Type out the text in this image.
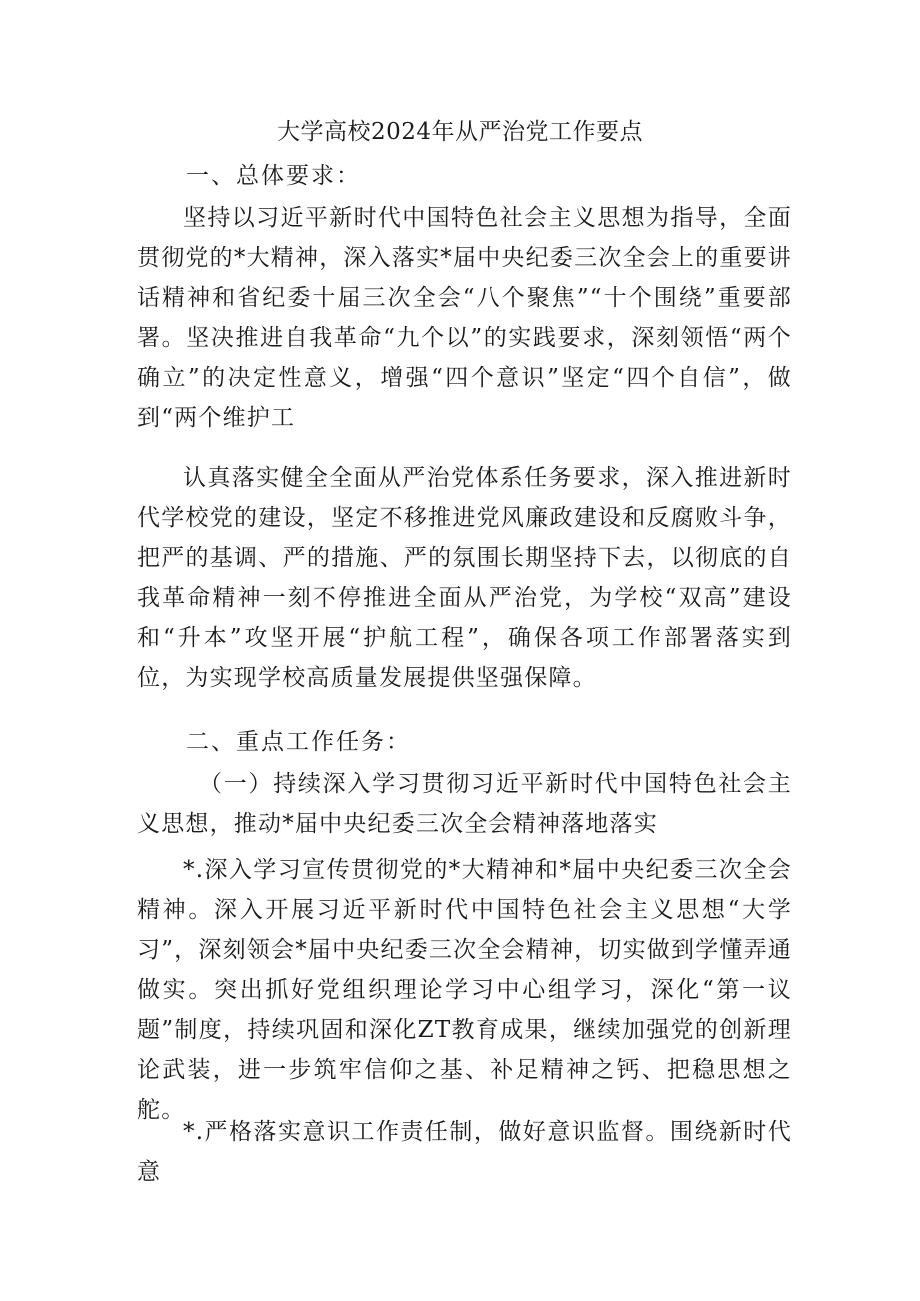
大学高校2024年从严治党工作要点
一、总体要求：

坚持以习近平新时代中国特色社会主义思想为指导，全面贯彻党的*大精神，深入落实*届中央纪委三次全会上的重要讲话精神和省纪委十届三次全会“八个聚焦”“十个围绕”重要部署。坚决推进自我革命“九个以”的实践要求，深刻领悟“两个确立”的决定性意义，增强“四个意识”坚定“四个自信”，做到“两个维护工

认真落实健全全面从严治党体系任务要求，深入推进新时代学校党的建设，坚定不移推进党风廉政建设和反腐败斗争，把严的基调、严的措施、严的氛围长期坚持下去，以彻底的自我革命精神一刻不停推进全面从严治党，为学校“双高”建设和“升本”攻坚开展“护航工程”，确保各项工作部署落实到位，为实现学校高质量发展提供坚强保障。

二、重点工作任务：
（一）持续深入学习贯彻习近平新时代中国特色社会主义思想，推动*届中央纪委三次全会精神落地落实

*.深入学习宣传贯彻党的*大精神和*届中央纪委三次全会精神。深入开展习近平新时代中国特色社会主义思想“大学习”，深刻领会*届中央纪委三次全会精神，切实做到学懂弄通做实。突出抓好党组织理论学习中心组学习，深化“第一议题”制度，持续巩固和深化ZT教育成果，继续加强党的创新理论武装，进一步筑牢信仰之基、补足精神之钙、把稳思想之舵。

*.严格落实意识工作责任制，做好意识监督。围绕新时代意
